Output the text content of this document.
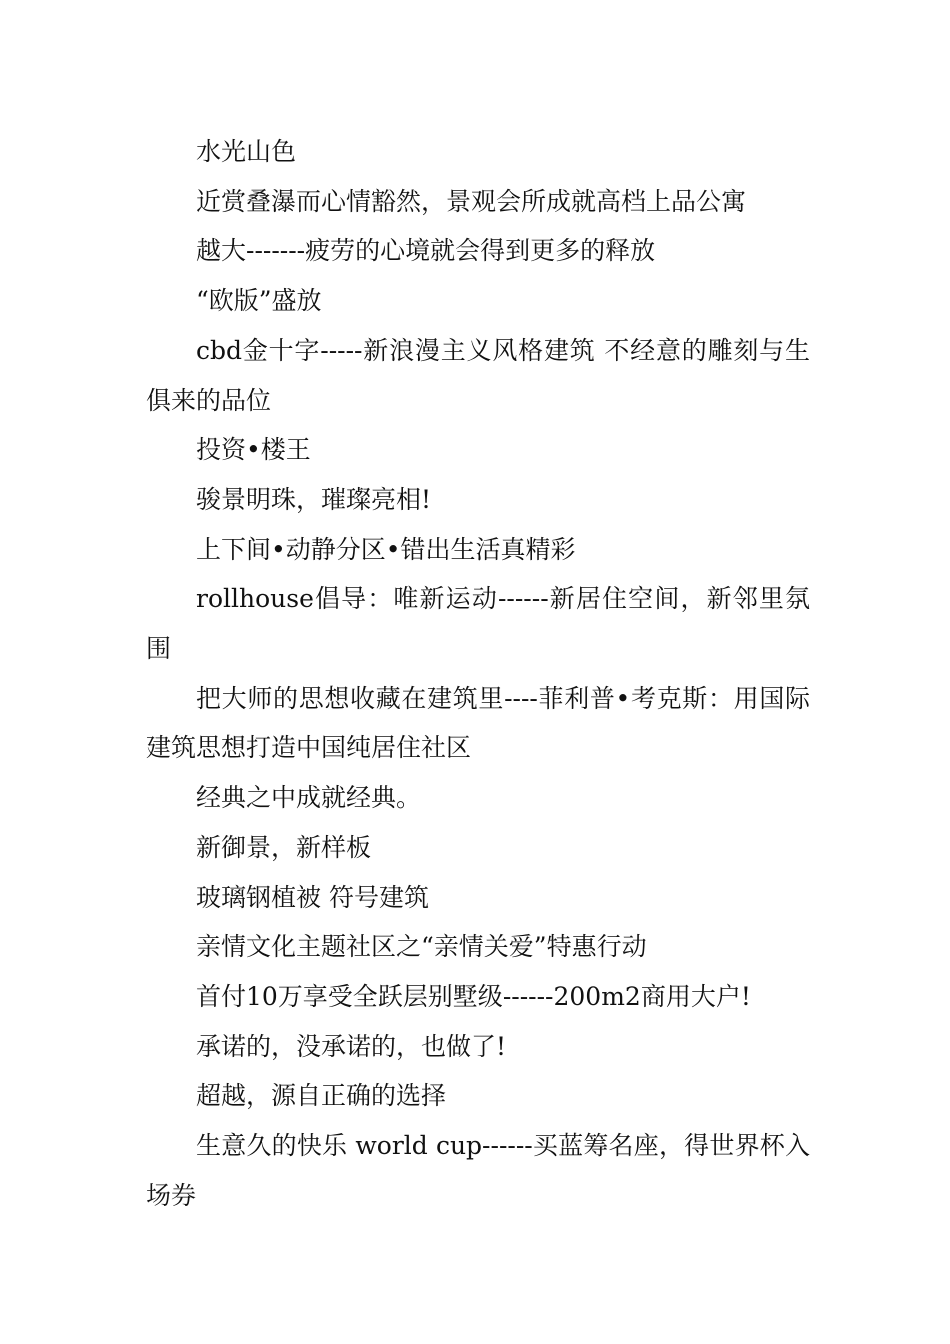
水光山色

近赏叠瀑而心情豁然，景观会所成就高档上品公寓

越大-------疲劳的心境就会得到更多的释放

“欧版”盛放

cbd金十字-----新浪漫主义风格建筑 不经意的雕刻与生俱来的品位

投资•楼王

骏景明珠，璀璨亮相!

上下间•动静分区•错出生活真精彩

rollhouse倡导：唯新运动------新居住空间，新邻里氛围

把大师的思想收藏在建筑里----菲利普•考克斯：用国际建筑思想打造中国纯居住社区

经典之中成就经典。

新御景，新样板

玻璃钢植被 符号建筑

亲情文化主题社区之“亲情关爱”特惠行动

首付10万享受全跃层别墅级------200m2商用大户!

承诺的，没承诺的，也做了!

超越，源自正确的选择

生意久的快乐 world cup------买蓝筹名座，得世界杯入场券
